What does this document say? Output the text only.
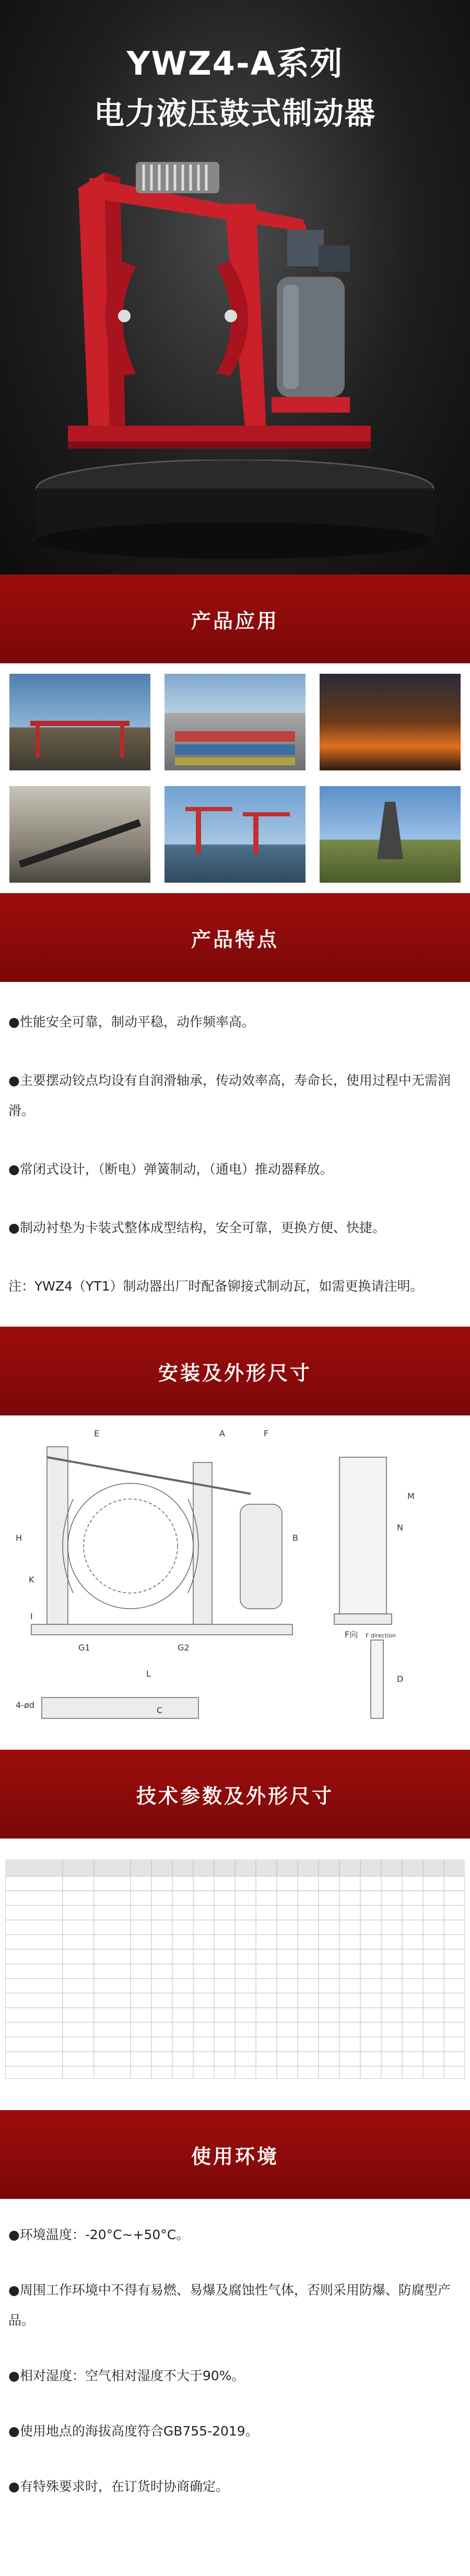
YWZ4-A系列
电力液压鼓式制动器
产品应用
产品特点

●性能安全可靠，制动平稳，动作频率高。

●主要摆动铰点均设有自润滑轴承，传动效率高，寿命长，使用过程中无需润滑。

●常闭式设计，（断电）弹簧制动，（通电）推动器释放。

●制动衬垫为卡装式整体成型结构，安全可靠，更换方便、快捷。

注：YWZ4（YT1）制动器出厂时配备铆接式制动瓦，如需更换请注明。

安装及外形尺寸
E	A	F
H
K
I
B
G1	G2
L
N
M
D
C
4-ød
F向 F direction
技术参数及外形尺寸
使用环境

●环境温度：-20°C~+50°C。

●周围工作环境中不得有易燃、易爆及腐蚀性气体，否则采用防爆、防腐型产品。

●相对湿度：空气相对湿度不大于90%。

●使用地点的海拔高度符合GB755-2019。

●有特殊要求时，在订货时协商确定。
